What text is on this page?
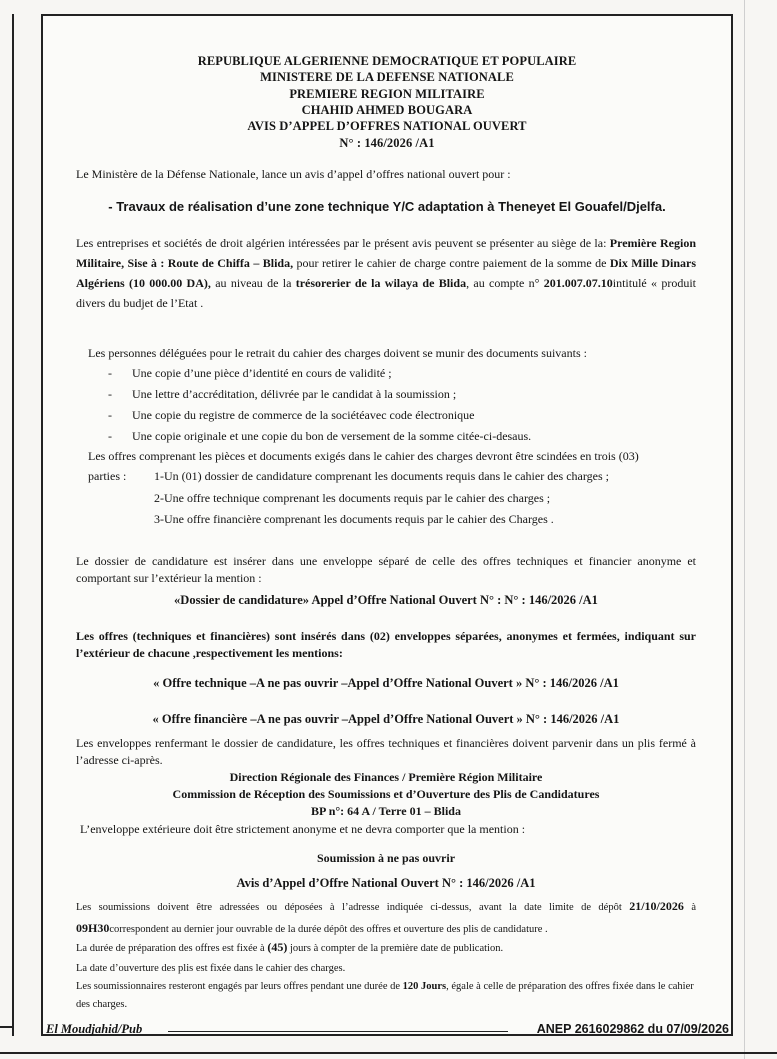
REPUBLIQUE ALGERIENNE DEMOCRATIQUE ET POPULAIRE
MINISTERE DE LA DEFENSE NATIONALE
PREMIERE REGION MILITAIRE
CHAHID AHMED BOUGARA
AVIS D’APPEL D’OFFRES NATIONAL OUVERT
N° : 146/2026 /A1
Le Ministère de la Défense Nationale, lance un avis d’appel d’offres national ouvert pour :
- Travaux de réalisation d’une zone technique Y/C adaptation à Theneyet El Gouafel/Djelfa.
Les entreprises et sociétés de droit algérien intéressées par le présent avis peuvent se présenter au siège de la: Première Region Militaire, Sise à : Route de Chiffa – Blida, pour retirer le cahier de charge contre paiement de la somme de Dix Mille Dinars Algériens (10 000.00 DA), au niveau de la trésorerier de la wilaya de Blida, au compte n° 201.007.07.10intitulé « produit divers du budjet de l’Etat .
Les personnes déléguées pour le retrait du cahier des charges doivent se munir des documents suivants :
- Une copie d’une pièce d’identité en cours de validité ;
- Une lettre d’accréditation, délivrée par le candidat à la soumission ;
- Une copie du registre de commerce de la sociétéavec code électronique
- Une copie originale et une copie du bon de versement de la somme citée-ci-desaus.
Les offres comprenant les pièces et documents exigés dans le cahier des charges devront être scindées en trois (03)
parties : 1-Un (01) dossier de candidature comprenant les documents requis dans le cahier des charges ;
2-Une offre technique comprenant les documents requis par le cahier des charges ;
3-Une offre financière comprenant les documents requis par le cahier des Charges .
Le dossier de candidature est insérer dans une enveloppe séparé de celle des offres techniques et financier anonyme et comportant sur l’extérieur la mention :
«Dossier de candidature» Appel d’Offre National Ouvert N° : N° : 146/2026 /A1
Les offres (techniques et financières) sont insérés dans (02) enveloppes séparées, anonymes et fermées, indiquant sur l’extérieur de chacune ,respectivement les mentions:
« Offre technique –A ne pas ouvrir –Appel d’Offre National Ouvert » N° : 146/2026 /A1
« Offre financière –A ne pas ouvrir –Appel d’Offre National Ouvert » N° : 146/2026 /A1
Les enveloppes renfermant le dossier de candidature, les offres techniques et financières doivent parvenir dans un plis fermé à l’adresse ci-après.
Direction Régionale des Finances / Première Région Militaire
Commission de Réception des Soumissions et d’Ouverture des Plis de Candidatures
BP n°: 64 A / Terre 01 – Blida
L’enveloppe extérieure doit être strictement anonyme et ne devra comporter que la mention :
Soumission à ne pas ouvrir
Avis d’Appel d’Offre National Ouvert N° : 146/2026 /A1
Les soumissions doivent être adressées ou déposées à l’adresse indiquée ci-dessus, avant la date limite de dépôt 21/10/2026 à 09H30correspondent au dernier jour ouvrable de la durée dépôt des offres et ouverture des plis de candidature .
La durée de préparation des offres est fixée à (45) jours à compter de la première date de publication.
La date d’ouverture des plis est fixée dans le cahier des charges.
Les soumissionnaires resteront engagés par leurs offres pendant une durée de 120 Jours, égale à celle de préparation des offres fixée dans le cahier des charges.
El Moudjahid/Pub	ANEP 2616029862 du 07/09/2026
